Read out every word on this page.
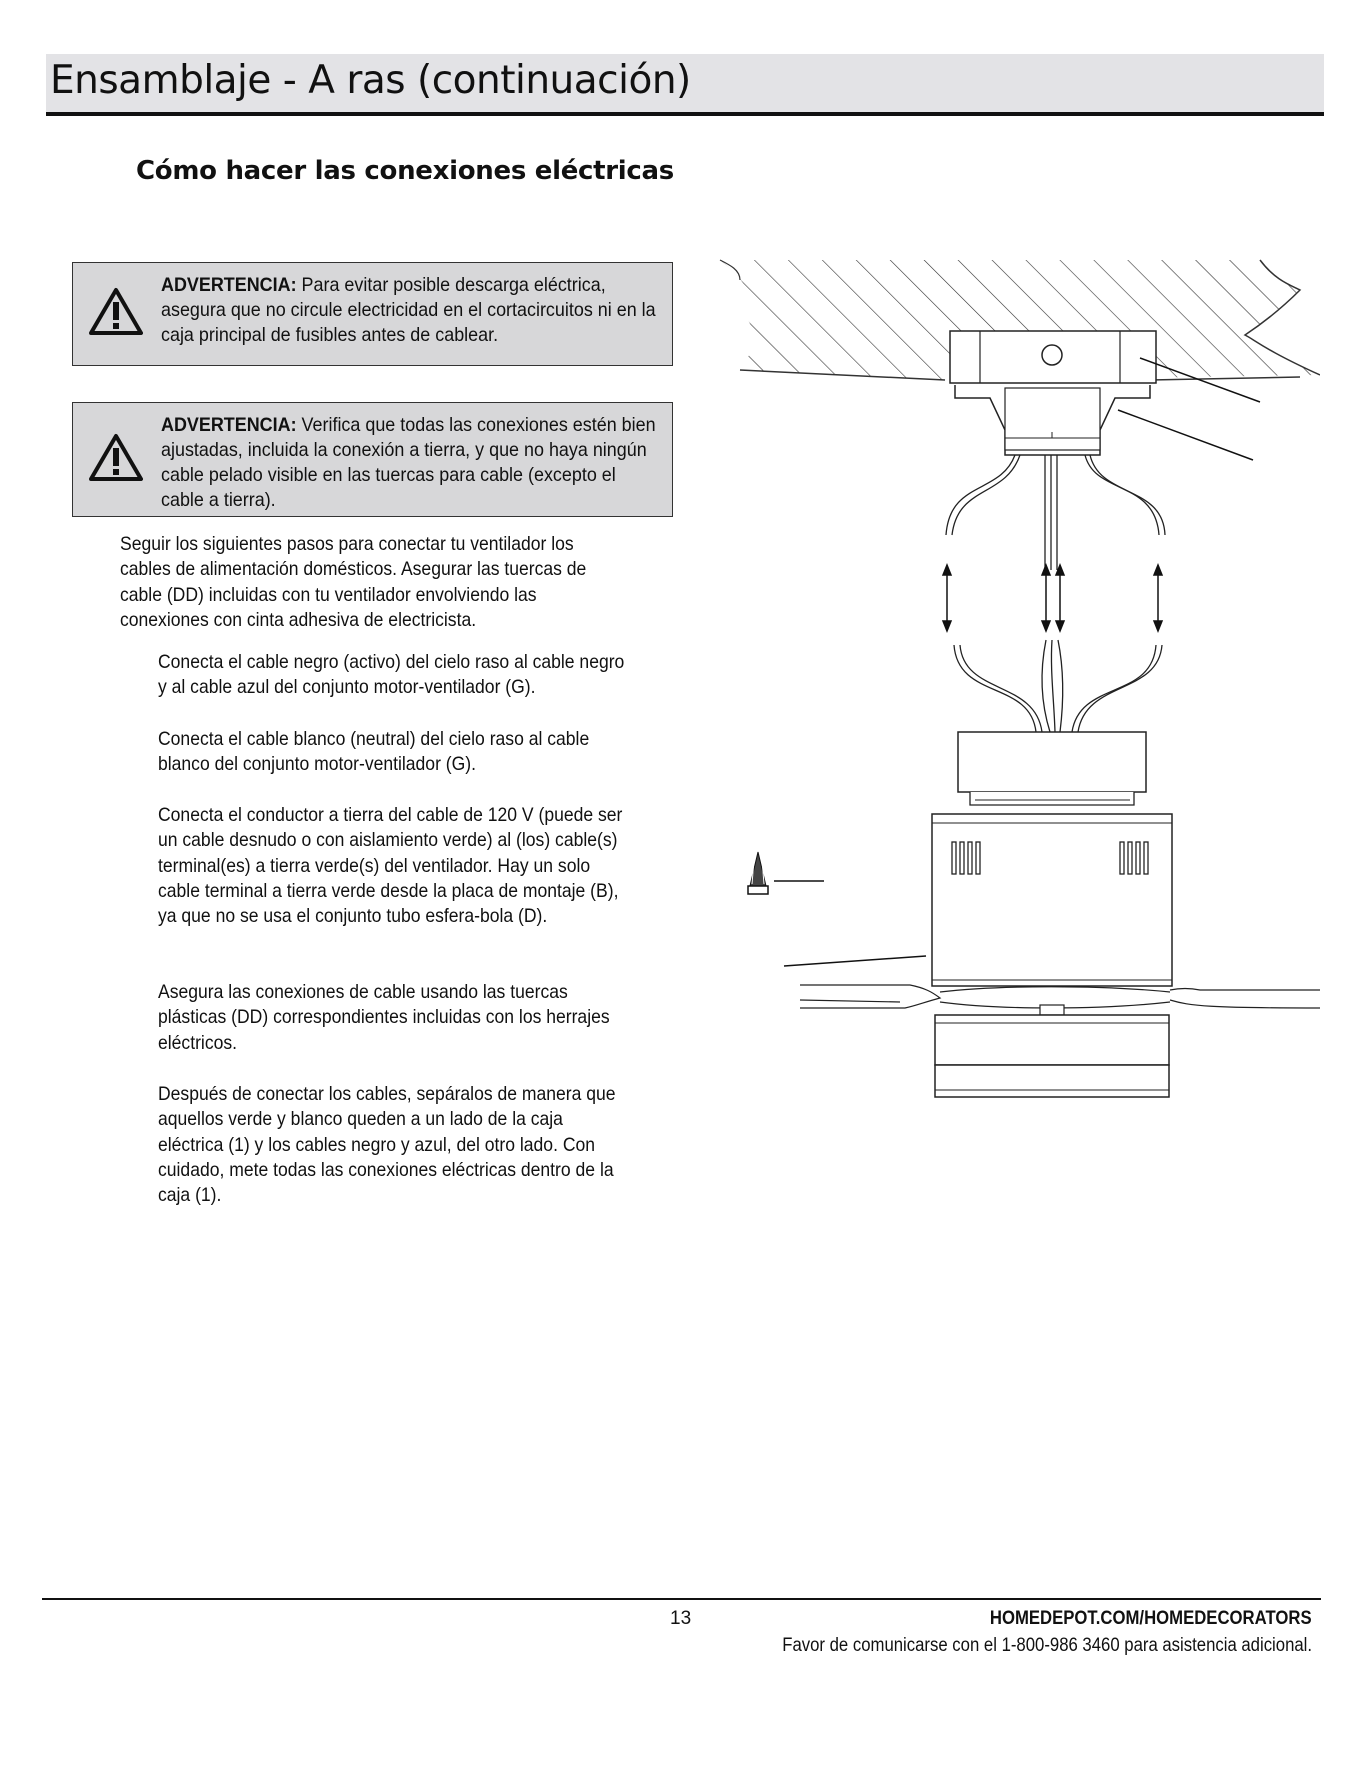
Ensamblaje - A ras (continuación)
Cómo hacer las conexiones eléctricas

ADVERTENCIA: Para evitar posible descarga eléctrica, asegura que no circule electricidad en el cortacircuitos ni en la caja principal de fusibles antes de cablear.

ADVERTENCIA: Verifica que todas las conexiones estén bien ajustadas, incluida la conexión a tierra, y que no haya ningún cable pelado visible en las tuercas para cable (excepto el cable a tierra).

Seguir los siguientes pasos para conectar tu ventilador los cables de alimentación domésticos. Asegurar las tuercas de cable (DD) incluidas con tu ventilador envolviendo las conexiones con cinta adhesiva de electricista.

Conecta el cable negro (activo) del cielo raso al cable negro y al cable azul del conjunto motor-ventilador (G).

Conecta el cable blanco (neutral) del cielo raso al cable blanco del conjunto motor-ventilador (G).

Conecta el conductor a tierra del cable de 120 V (puede ser un cable desnudo o con aislamiento verde) al (los) cable(s) terminal(es) a tierra verde(s) del ventilador. Hay un solo cable terminal a tierra verde desde la placa de montaje (B), ya que no se usa el conjunto tubo esfera-bola (D).

Asegura las conexiones de cable usando las tuercas plásticas (DD) correspondientes incluidas con los herrajes eléctricos.

Después de conectar los cables, sepáralos de manera que aquellos verde y blanco queden a un lado de la caja eléctrica (1) y los cables negro y azul, del otro lado. Con cuidado, mete todas las conexiones eléctricas dentro de la caja (1).

13	HOMEDEPOT.COM/HOMEDECORATORS
Favor de comunicarse con el 1-800-986 3460 para asistencia adicional.
